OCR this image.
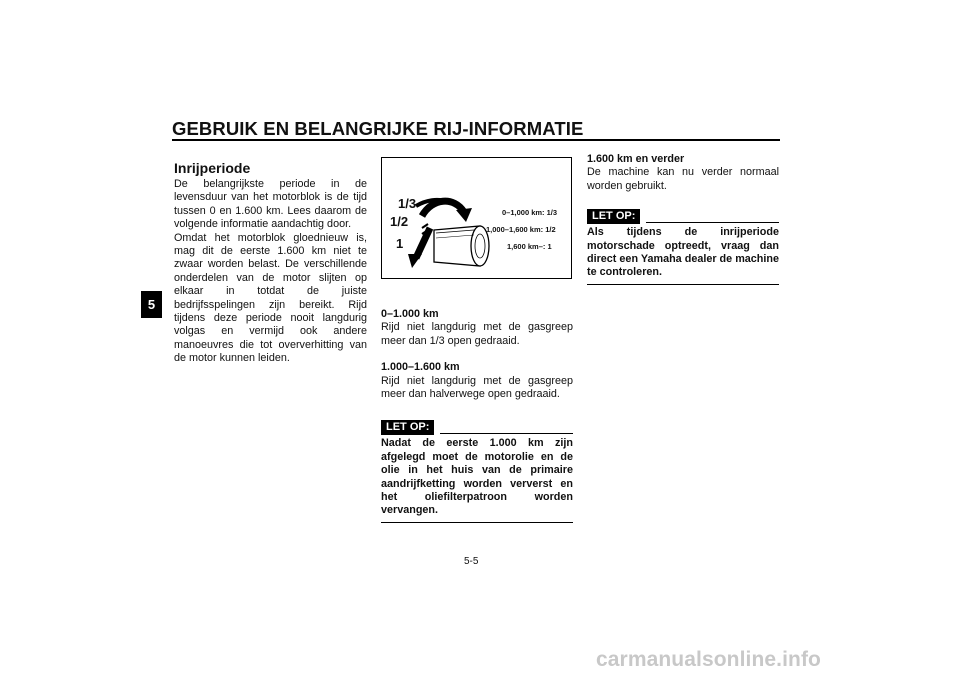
GEBRUIK EN BELANGRIJKE RIJ-INFORMATIE
5
Inrijperiode

De belangrijkste periode in de levensduur van het motorblok is de tijd tussen 0 en 1.600 km. Lees daarom de volgende informatie aandachtig door.

Omdat het motorblok gloednieuw is, mag dit de eerste 1.600 km niet te zwaar worden belast. De verschillende onderdelen van de motor slijten op elkaar in totdat de juiste bedrijfsspelingen zijn bereikt. Rijd tijdens deze periode nooit langdurig volgas en vermijd ook andere manoeuvres die tot oververhitting van de motor kunnen leiden.

1/3
1/2
1
0–1,000 km: 1/3
1,000–1,600 km: 1/2
1,600 km–: 1
0–1.000 km

Rijd niet langdurig met de gasgreep meer dan 1/3 open gedraaid.

1.000–1.600 km

Rijd niet langdurig met de gasgreep meer dan halverwege open gedraaid.

LET OP:

Nadat de eerste 1.000 km zijn afgelegd moet de motorolie en de olie in het huis van de primaire aandrijfketting worden ververst en het oliefilterpatroon worden vervangen.

1.600 km en verder

De machine kan nu verder normaal worden gebruikt.

LET OP:

Als tijdens de inrijperiode motorschade optreedt, vraag dan direct een Yamaha dealer de machine te controleren.

5-5
carmanualsonline.info
